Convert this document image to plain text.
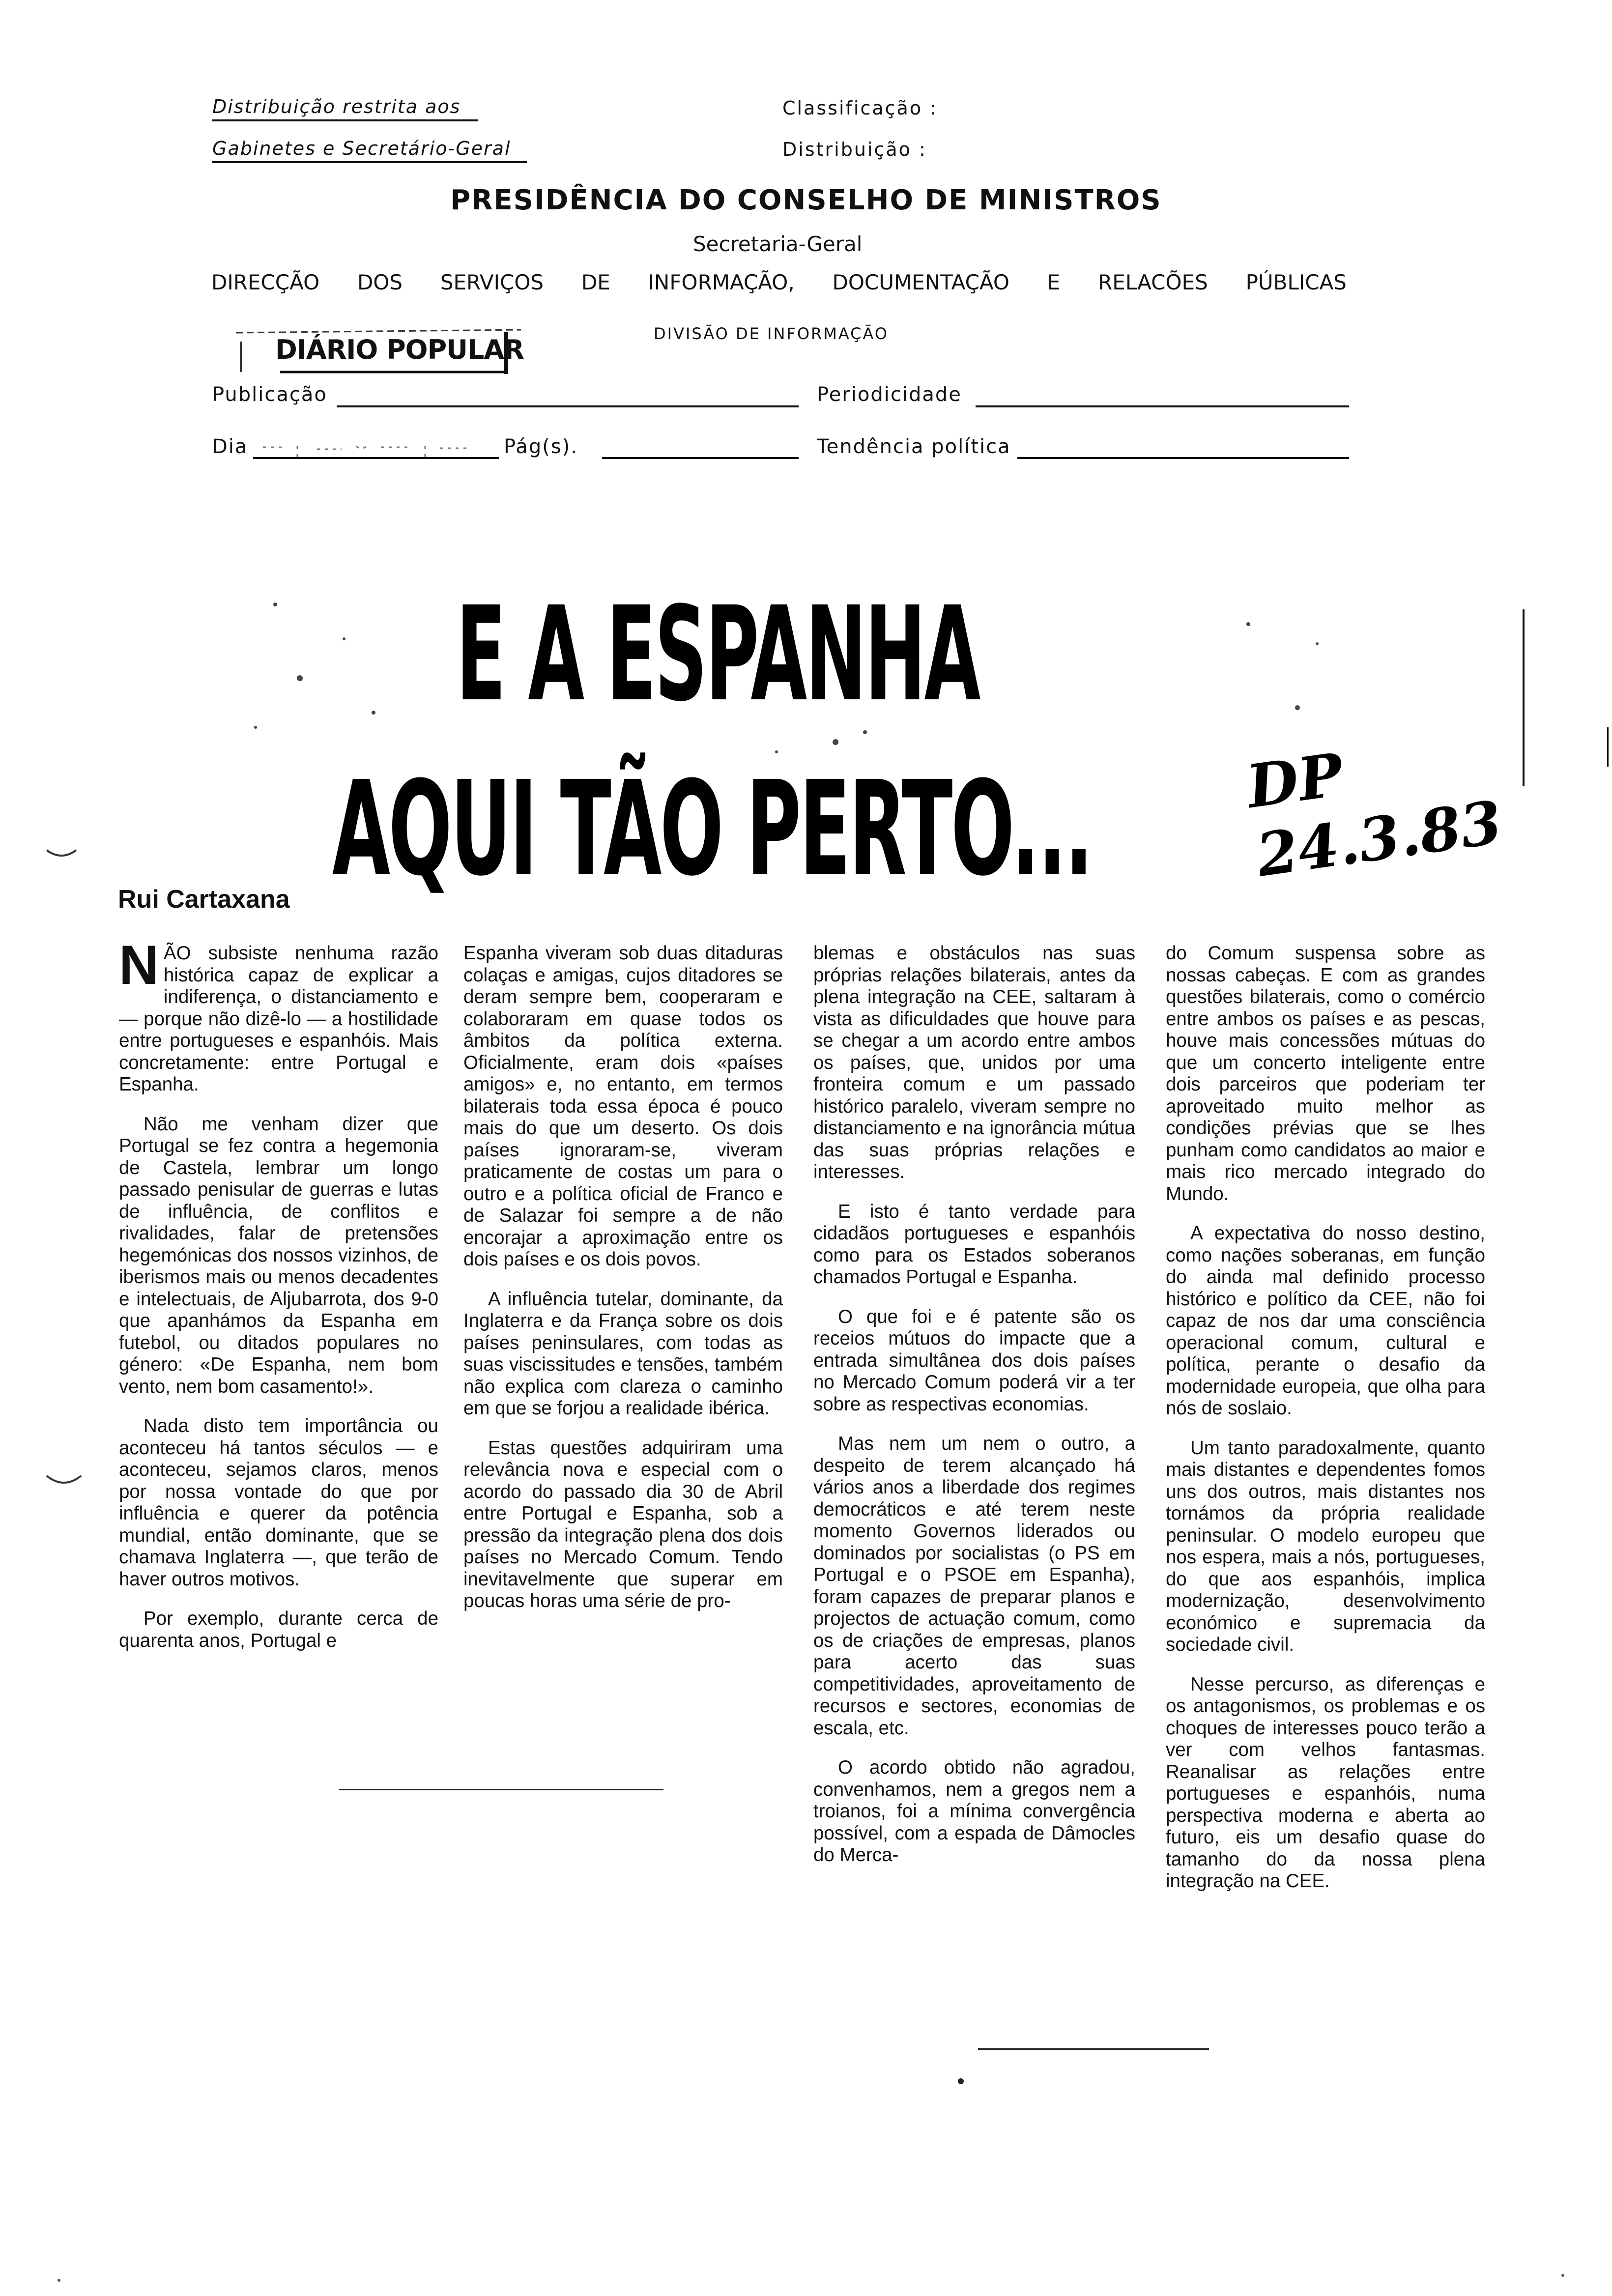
Distribuição restrita aos
Gabinetes e Secretário-Geral
Classificação :
Distribuição :
PRESIDÊNCIA DO CONSELHO DE MINISTROS
Secretaria-Geral
DIRECÇÃO DOS SERVIÇOS DE INFORMAÇÃO, DOCUMENTAÇÃO E RELACÕES PÚBLICAS
DIVISÃO DE INFORMAÇÃO
DIÁRIO POPULAR
Publicação	Periodicidade
Dia	Pág(s).	Tendência política
E A ESPANHA
AQUI TÃO PERTO...	DP 24.3.83
Rui Cartaxana

NÃO subsiste nenhuma razão histórica capaz de explicar a indiferença, o distanciamento e — porque não dizê-lo — a hostilidade entre portugueses e espanhóis. Mais concretamente: entre Portugal e Espanha.

Não me venham dizer que Portugal se fez contra a hegemonia de Castela, lembrar um longo passado penisular de guerras e lutas de influência, de conflitos e rivalidades, falar de pretensões hegemónicas dos nossos vizinhos, de iberismos mais ou menos decadentes e intelectuais, de Aljubarrota, dos 9-0 que apanhámos da Espanha em futebol, ou ditados populares no género: «De Espanha, nem bom vento, nem bom casamento!».

Nada disto tem importância ou aconteceu há tantos séculos — e aconteceu, sejamos claros, menos por nossa vontade do que por influência e querer da potência mundial, então dominante, que se chamava Inglaterra —, que terão de haver outros motivos.

Por exemplo, durante cerca de quarenta anos, Portugal e

Espanha viveram sob duas ditaduras colaças e amigas, cujos ditadores se deram sempre bem, cooperaram e colaboraram em quase todos os âmbitos da política externa. Oficialmente, eram dois «países amigos» e, no entanto, em termos bilaterais toda essa época é pouco mais do que um deserto. Os dois países ignoraram-se, viveram praticamente de costas um para o outro e a política oficial de Franco e de Salazar foi sempre a de não encorajar a aproximação entre os dois países e os dois povos.

A influência tutelar, dominante, da Inglaterra e da França sobre os dois países peninsulares, com todas as suas viscissitudes e tensões, também não explica com clareza o caminho em que se forjou a realidade ibérica.

Estas questões adquiriram uma relevância nova e especial com o acordo do passado dia 30 de Abril entre Portugal e Espanha, sob a pressão da integração plena dos dois países no Mercado Comum. Tendo inevitavelmente que superar em poucas horas uma série de pro-

blemas e obstáculos nas suas próprias relações bilaterais, antes da plena integração na CEE, saltaram à vista as dificuldades que houve para se chegar a um acordo entre ambos os países, que, unidos por uma fronteira comum e um passado histórico paralelo, viveram sempre no distanciamento e na ignorância mútua das suas próprias relações e interesses.

E isto é tanto verdade para cidadãos portugueses e espanhóis como para os Estados soberanos chamados Portugal e Espanha.

O que foi e é patente são os receios mútuos do impacte que a entrada simultânea dos dois países no Mercado Comum poderá vir a ter sobre as respectivas economias.

Mas nem um nem o outro, a despeito de terem alcançado há vários anos a liberdade dos regimes democráticos e até terem neste momento Governos liderados ou dominados por socialistas (o PS em Portugal e o PSOE em Espanha), foram capazes de preparar planos e projectos de actuação comum, como os de criações de empresas, planos para acerto das suas competitividades, aproveitamento de recursos e sectores, economias de escala, etc.

O acordo obtido não agradou, convenhamos, nem a gregos nem a troianos, foi a mínima convergência possível, com a espada de Dâmocles do Merca-

do Comum suspensa sobre as nossas cabeças. E com as grandes questões bilaterais, como o comércio entre ambos os países e as pescas, houve mais concessões mútuas do que um concerto inteligente entre dois parceiros que poderiam ter aproveitado muito melhor as condições prévias que se lhes punham como candidatos ao maior e mais rico mercado integrado do Mundo.

A expectativa do nosso destino, como nações soberanas, em função do ainda mal definido processo histórico e político da CEE, não foi capaz de nos dar uma consciência operacional comum, cultural e política, perante o desafio da modernidade europeia, que olha para nós de soslaio.

Um tanto paradoxalmente, quanto mais distantes e dependentes fomos uns dos outros, mais distantes nos tornámos da própria realidade peninsular. O modelo europeu que nos espera, mais a nós, portugueses, do que aos espanhóis, implica modernização, desenvolvimento económico e supremacia da sociedade civil.

Nesse percurso, as diferenças e os antagonismos, os problemas e os choques de interesses pouco terão a ver com velhos fantasmas. Reanalisar as relações entre portugueses e espanhóis, numa perspectiva moderna e aberta ao futuro, eis um desafio quase do tamanho do da nossa plena integração na CEE.
